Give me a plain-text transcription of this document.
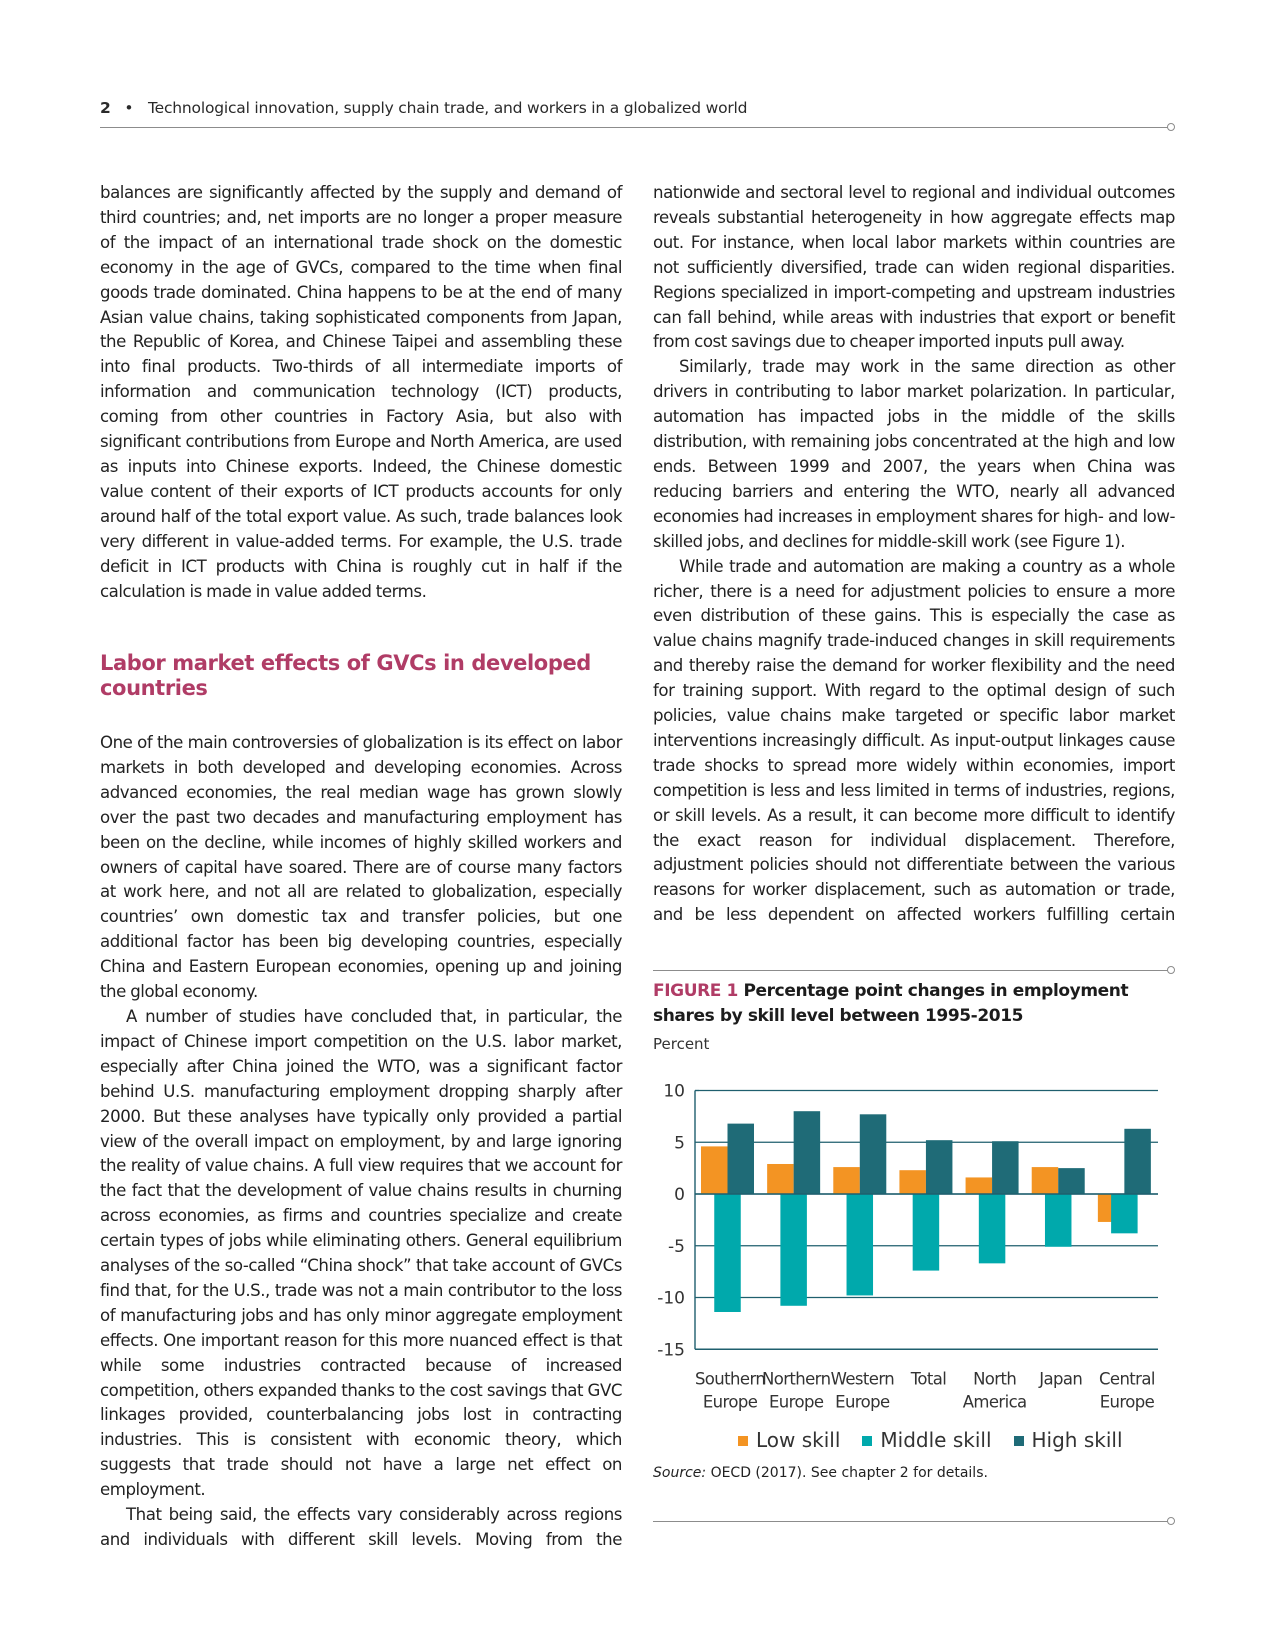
2 • Technological innovation, supply chain trade, and workers in a globalized world

balances are significantly affected by the supply and demand of third countries; and, net imports are no longer a proper measure of the impact of an international trade shock on the domestic economy in the age of GVCs, compared to the time when final goods trade dominated. China happens to be at the end of many Asian value chains, taking sophisticated components from Japan, the Republic of Korea, and Chinese Taipei and assembling these into final products. Two-thirds of all intermediate imports of information and communication technology (ICT) products, coming from other countries in Factory Asia, but also with significant contributions from Europe and North America, are used as inputs into Chinese exports. Indeed, the Chinese domestic value content of their exports of ICT products accounts for only around half of the total export value. As such, trade balances look very different in value-added terms. For example, the U.S. trade deficit in ICT products with China is roughly cut in half if the calculation is made in value added terms.

Labor market effects of GVCs in developed countries

One of the main controversies of globalization is its effect on labor markets in both developed and developing economies. Across advanced economies, the real median wage has grown slowly over the past two decades and manufacturing employment has been on the decline, while incomes of highly skilled workers and owners of capital have soared. There are of course many factors at work here, and not all are related to globalization, especially countries’ own domestic tax and transfer policies, but one additional factor has been big developing countries, especially China and Eastern European economies, opening up and joining the global economy.

A number of studies have concluded that, in particular, the impact of Chinese import competition on the U.S. labor market, especially after China joined the WTO, was a significant factor behind U.S. manufacturing employment dropping sharply after 2000. But these analyses have typically only provided a partial view of the overall impact on employment, by and large ignoring the reality of value chains. A full view requires that we account for the fact that the development of value chains results in churning across economies, as firms and countries specialize and create certain types of jobs while eliminating others. General equilibrium analyses of the so-called “China shock” that take account of GVCs find that, for the U.S., trade was not a main contributor to the loss of manufacturing jobs and has only minor aggregate employment effects. One important reason for this more nuanced effect is that while some industries contracted because of increased competition, others expanded thanks to the cost savings that GVC linkages provided, counterbalancing jobs lost in contracting industries. This is consistent with economic theory, which suggests that trade should not have a large net effect on employment.

That being said, the effects vary considerably across regions and individuals with different skill levels. Moving from the

nationwide and sectoral level to regional and individual outcomes reveals substantial heterogeneity in how aggregate effects map out. For instance, when local labor markets within countries are not sufficiently diversified, trade can widen regional disparities. Regions specialized in import-competing and upstream industries can fall behind, while areas with industries that export or benefit from cost savings due to cheaper imported inputs pull away.

Similarly, trade may work in the same direction as other drivers in contributing to labor market polarization. In particular, automation has impacted jobs in the middle of the skills distribution, with remaining jobs concentrated at the high and low ends. Between 1999 and 2007, the years when China was reducing barriers and entering the WTO, nearly all advanced economies had increases in employment shares for high- and low-skilled jobs, and declines for middle-skill work (see Figure 1).

While trade and automation are making a country as a whole richer, there is a need for adjustment policies to ensure a more even distribution of these gains. This is especially the case as value chains magnify trade-induced changes in skill requirements and thereby raise the demand for worker flexibility and the need for training support. With regard to the optimal design of such policies, value chains make targeted or specific labor market interventions increasingly difficult. As input-output linkages cause trade shocks to spread more widely within economies, import competition is less and less limited in terms of industries, regions, or skill levels. As a result, it can become more difficult to identify the exact reason for individual displacement. Therefore, adjustment policies should not differentiate between the various reasons for worker displacement, such as automation or trade, and be less dependent on affected workers fulfilling certain

FIGURE 1 Percentage point changes in employment shares by skill level between 1995-2015
Percent
10
5
0
-5
-10
-15
Southern
Europe
Northern
Europe
Western
Europe
Total North
America
Japan Central
Europe
Low skill Middle skill High skill
Source: OECD (2017). See chapter 2 for details.
